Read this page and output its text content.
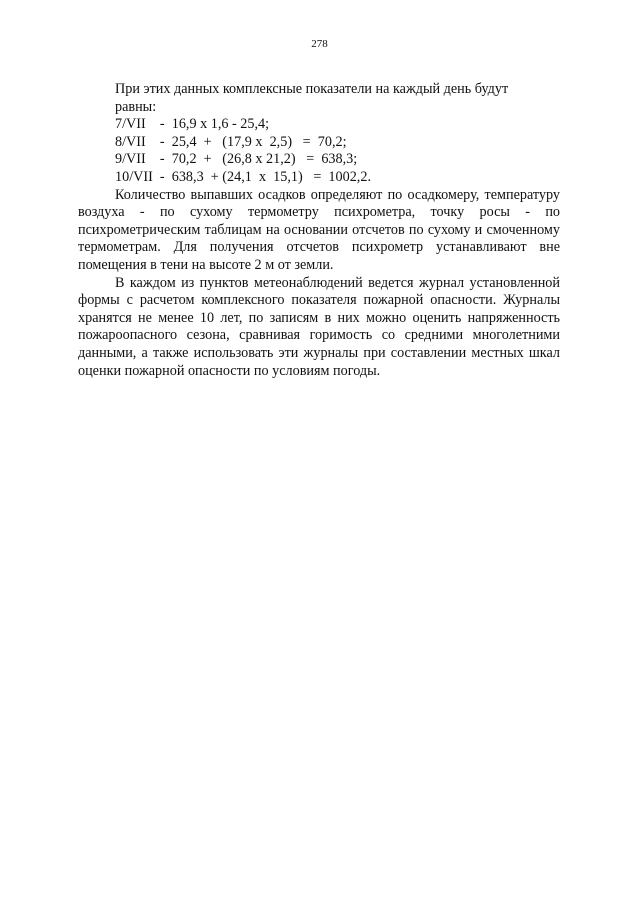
278
При этих данных комплексные показатели на каждый день будут
равны:
7/VII    -  16,9 х 1,6 - 25,4;
8/VII    -  25,4  +   (17,9 х  2,5)   =  70,2;
9/VII    -  70,2  +   (26,8 х 21,2)   =  638,3;
10/VII  -  638,3  + (24,1  х  15,1)   =  1002,2.

Количество выпавших осадков определяют по осадкомеру, температуру воздуха - по сухому термометру психрометра, точку росы - по психрометрическим таблицам на основании отсчетов по сухому и смоченному термометрам. Для получения отсчетов психрометр устанавливают вне помещения в тени на высоте 2 м от земли.

В каждом из пунктов метеонаблюдений ведется журнал установленной формы с расчетом комплексного показателя пожарной опасности. Журналы хранятся не менее 10 лет, по записям в них можно оценить напряженность пожароопасного сезона, сравнивая горимость со средними многолетними данными, а также использовать эти журналы при составлении местных шкал оценки пожарной опасности по условиям погоды.
